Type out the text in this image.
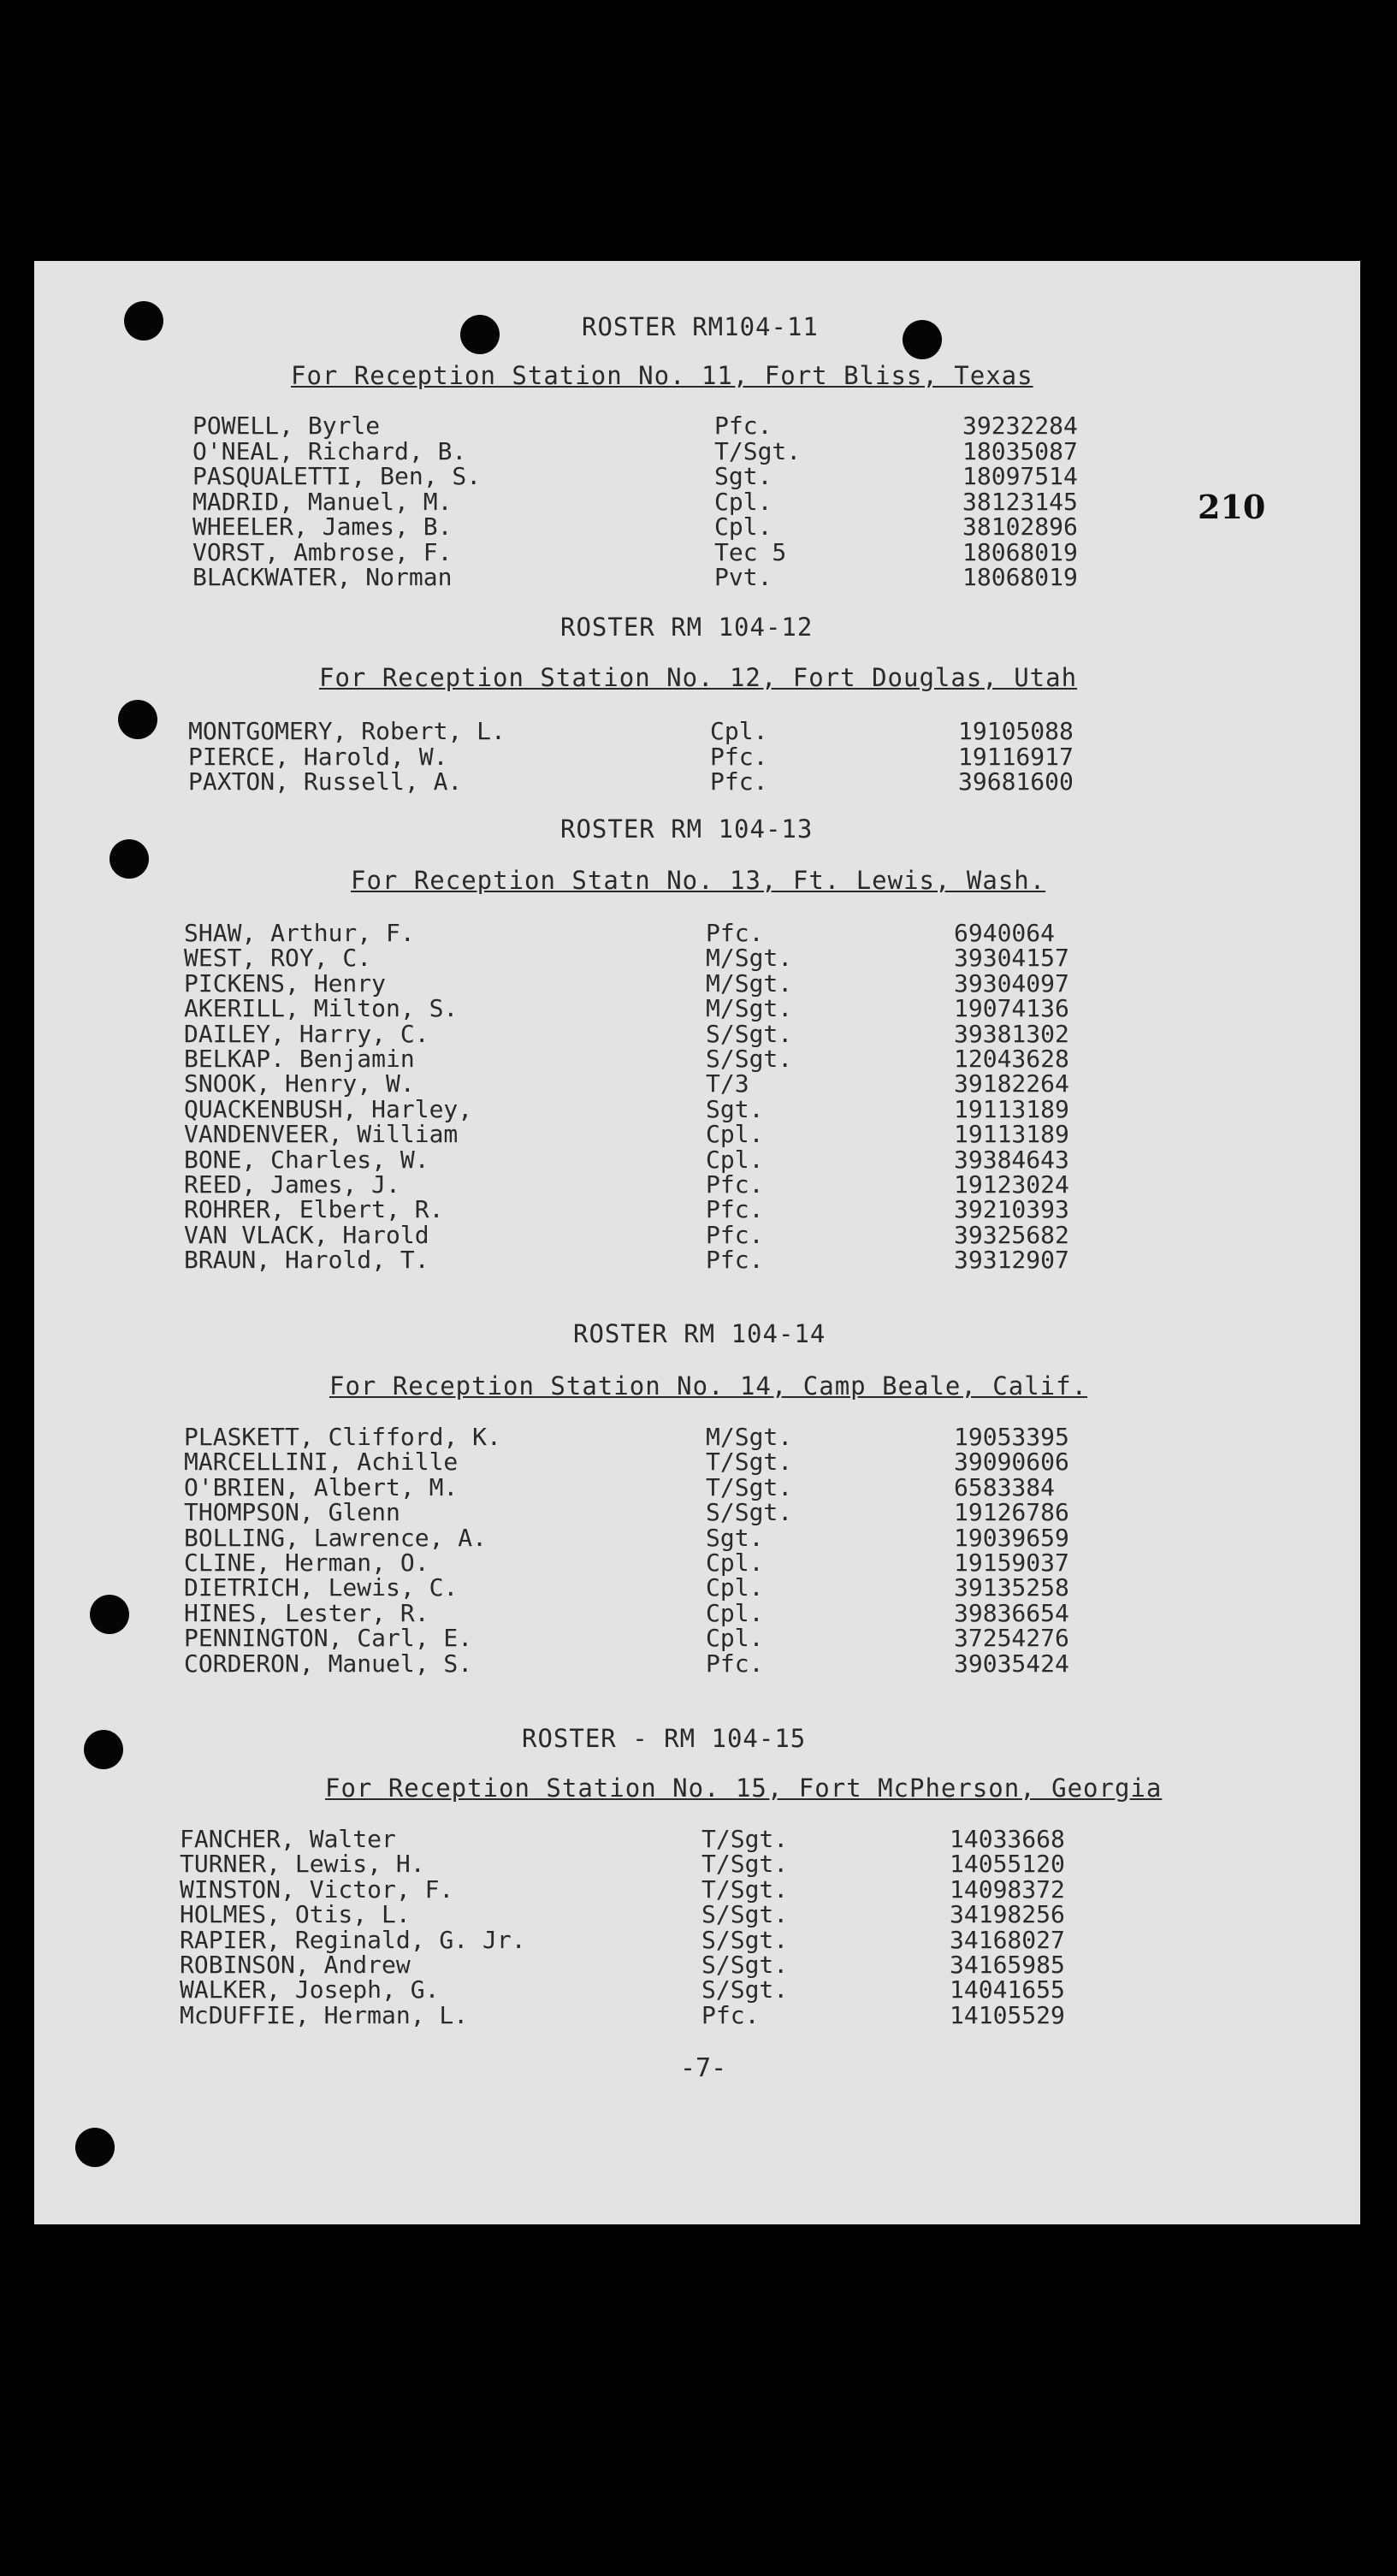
210
ROSTER RM104-11
For Reception Station No. 11, Fort Bliss, Texas
POWELL, Byrle	Pfc.	39232284
O'NEAL, Richard, B.	T/Sgt.	18035087
PASQUALETTI, Ben, S.	Sgt.	18097514
MADRID, Manuel, M.	Cpl.	38123145
WHEELER, James, B.	Cpl.	38102896
VORST, Ambrose, F.	Tec 5	18068019
BLACKWATER, Norman	Pvt.	18068019
ROSTER RM 104-12
For Reception Station No. 12, Fort Douglas, Utah
MONTGOMERY, Robert, L.	Cpl.	19105088
PIERCE, Harold, W.	Pfc.	19116917
PAXTON, Russell, A.	Pfc.	39681600
ROSTER RM 104-13
For Reception Statn No. 13, Ft. Lewis, Wash.
SHAW, Arthur, F.	Pfc.	6940064
WEST, ROY, C.	M/Sgt.	39304157
PICKENS, Henry	M/Sgt.	39304097
AKERILL, Milton, S.	M/Sgt.	19074136
DAILEY, Harry, C.	S/Sgt.	39381302
BELKAP. Benjamin	S/Sgt.	12043628
SNOOK, Henry, W.	T/3	39182264
QUACKENBUSH, Harley,	Sgt.	19113189
VANDENVEER, William	Cpl.	19113189
BONE, Charles, W.	Cpl.	39384643
REED, James, J.	Pfc.	19123024
ROHRER, Elbert, R.	Pfc.	39210393
VAN VLACK, Harold	Pfc.	39325682
BRAUN, Harold, T.	Pfc.	39312907
ROSTER RM 104-14
For Reception Station No. 14, Camp Beale, Calif.
PLASKETT, Clifford, K.	M/Sgt.	19053395
MARCELLINI, Achille	T/Sgt.	39090606
O'BRIEN, Albert, M.	T/Sgt.	6583384
THOMPSON, Glenn	S/Sgt.	19126786
BOLLING, Lawrence, A.	Sgt.	19039659
CLINE, Herman, O.	Cpl.	19159037
DIETRICH, Lewis, C.	Cpl.	39135258
HINES, Lester, R.	Cpl.	39836654
PENNINGTON, Carl, E.	Cpl.	37254276
CORDERON, Manuel, S.	Pfc.	39035424
ROSTER - RM 104-15
For Reception Station No. 15, Fort McPherson, Georgia
FANCHER, Walter	T/Sgt.	14033668
TURNER, Lewis, H.	T/Sgt.	14055120
WINSTON, Victor, F.	T/Sgt.	14098372
HOLMES, Otis, L.	S/Sgt.	34198256
RAPIER, Reginald, G. Jr.	S/Sgt.	34168027
ROBINSON, Andrew	S/Sgt.	34165985
WALKER, Joseph, G.	S/Sgt.	14041655
McDUFFIE, Herman, L.	Pfc.	14105529
-7-
